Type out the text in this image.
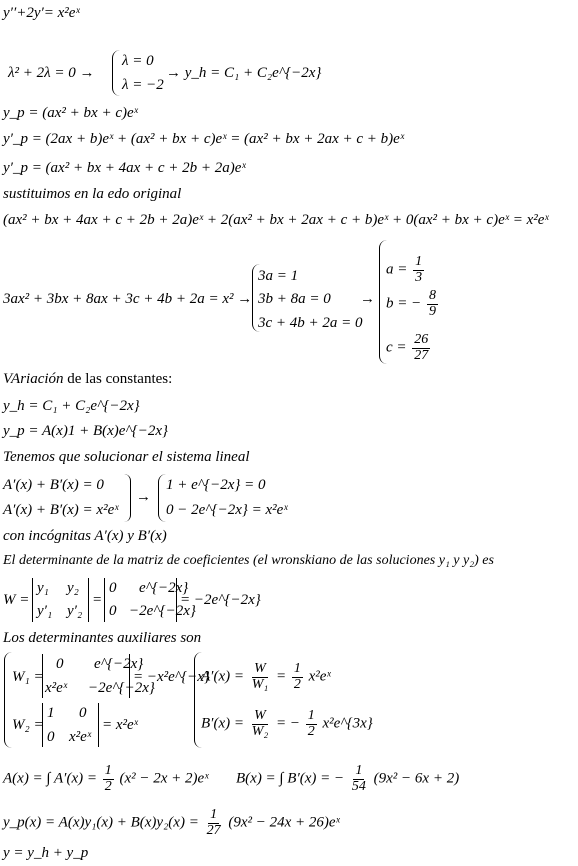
y′′+2y′= x²eˣ
λ² + 2λ = 0 →
λ = 0
λ = −2
→ y_h = C₁ + C₂e^{−2x}
y_p = (ax² + bx + c)eˣ
y′_p = (2ax + b)eˣ + (ax² + bx + c)eˣ = (ax² + bx + 2ax + c + b)eˣ
y′_p = (ax² + bx + 4ax + c + 2b + 2a)eˣ
sustituimos en la edo original
(ax² + bx + 4ax + c + 2b + 2a)eˣ + 2(ax² + bx + 2ax + c + b)eˣ + 0(ax² + bx + c)eˣ = x²eˣ
3ax² + 3bx + 8ax + 3c + 4b + 2a = x² →
3a = 1
3b + 8a = 0
3c + 4b + 2a = 0
→
$a = \frac{1}{3}$
b = − $\frac{8}{9}$
$c = \frac{26}{27}$
VAriación de las constantes:
y_h = C₁ + C₂e^{−2x}
y_p = A(x)1 + B(x)e^{−2x}
Tenemos que solucionar el sistema lineal
A′(x) + B′(x) = 0
A′(x) + B′(x) = x²eˣ
→
1 + e^{−2x} = 0
0 − 2e^{−2x} = x²eˣ
con incógnitas A′(x) y B′(x)
El determinante de la matriz de coeficientes (el wronskiano de las soluciones y₁ y y₂) es
W =
y₁ y₂
y′₁ y′₂
=
0 e^{−2x}
0 −2e^{−2x}
= −2e^{−2x}
Los determinantes auxiliares son
W₁ =
0 e^{−2x}
x²eˣ −2e^{−2x}
= −x²e^{−x}
W₂ =
1 0
0 x²eˣ
= x²eˣ
$A'(x) = \frac{W}{\text{W₁}} = \frac{1}{2}$ x²eˣ
$B'(x) = \frac{W}{\text{W₂}}$ = − $\frac{1}{2}$ x²e^{3x}
A(x) = ∫ $A'(x) = \frac{1}{2} (x^2 - 2x$ + 2)eˣ B(x) = ∫ B′(x) = − $\frac{1}{54} (9x^2 - 6x + 2)$
y_p(x) = $A(x)y_1(x) + B(x)y_2(x) = \frac{1}{27} (9x^2 - 24x$ + 26)eˣ
y = y_h + y_p
